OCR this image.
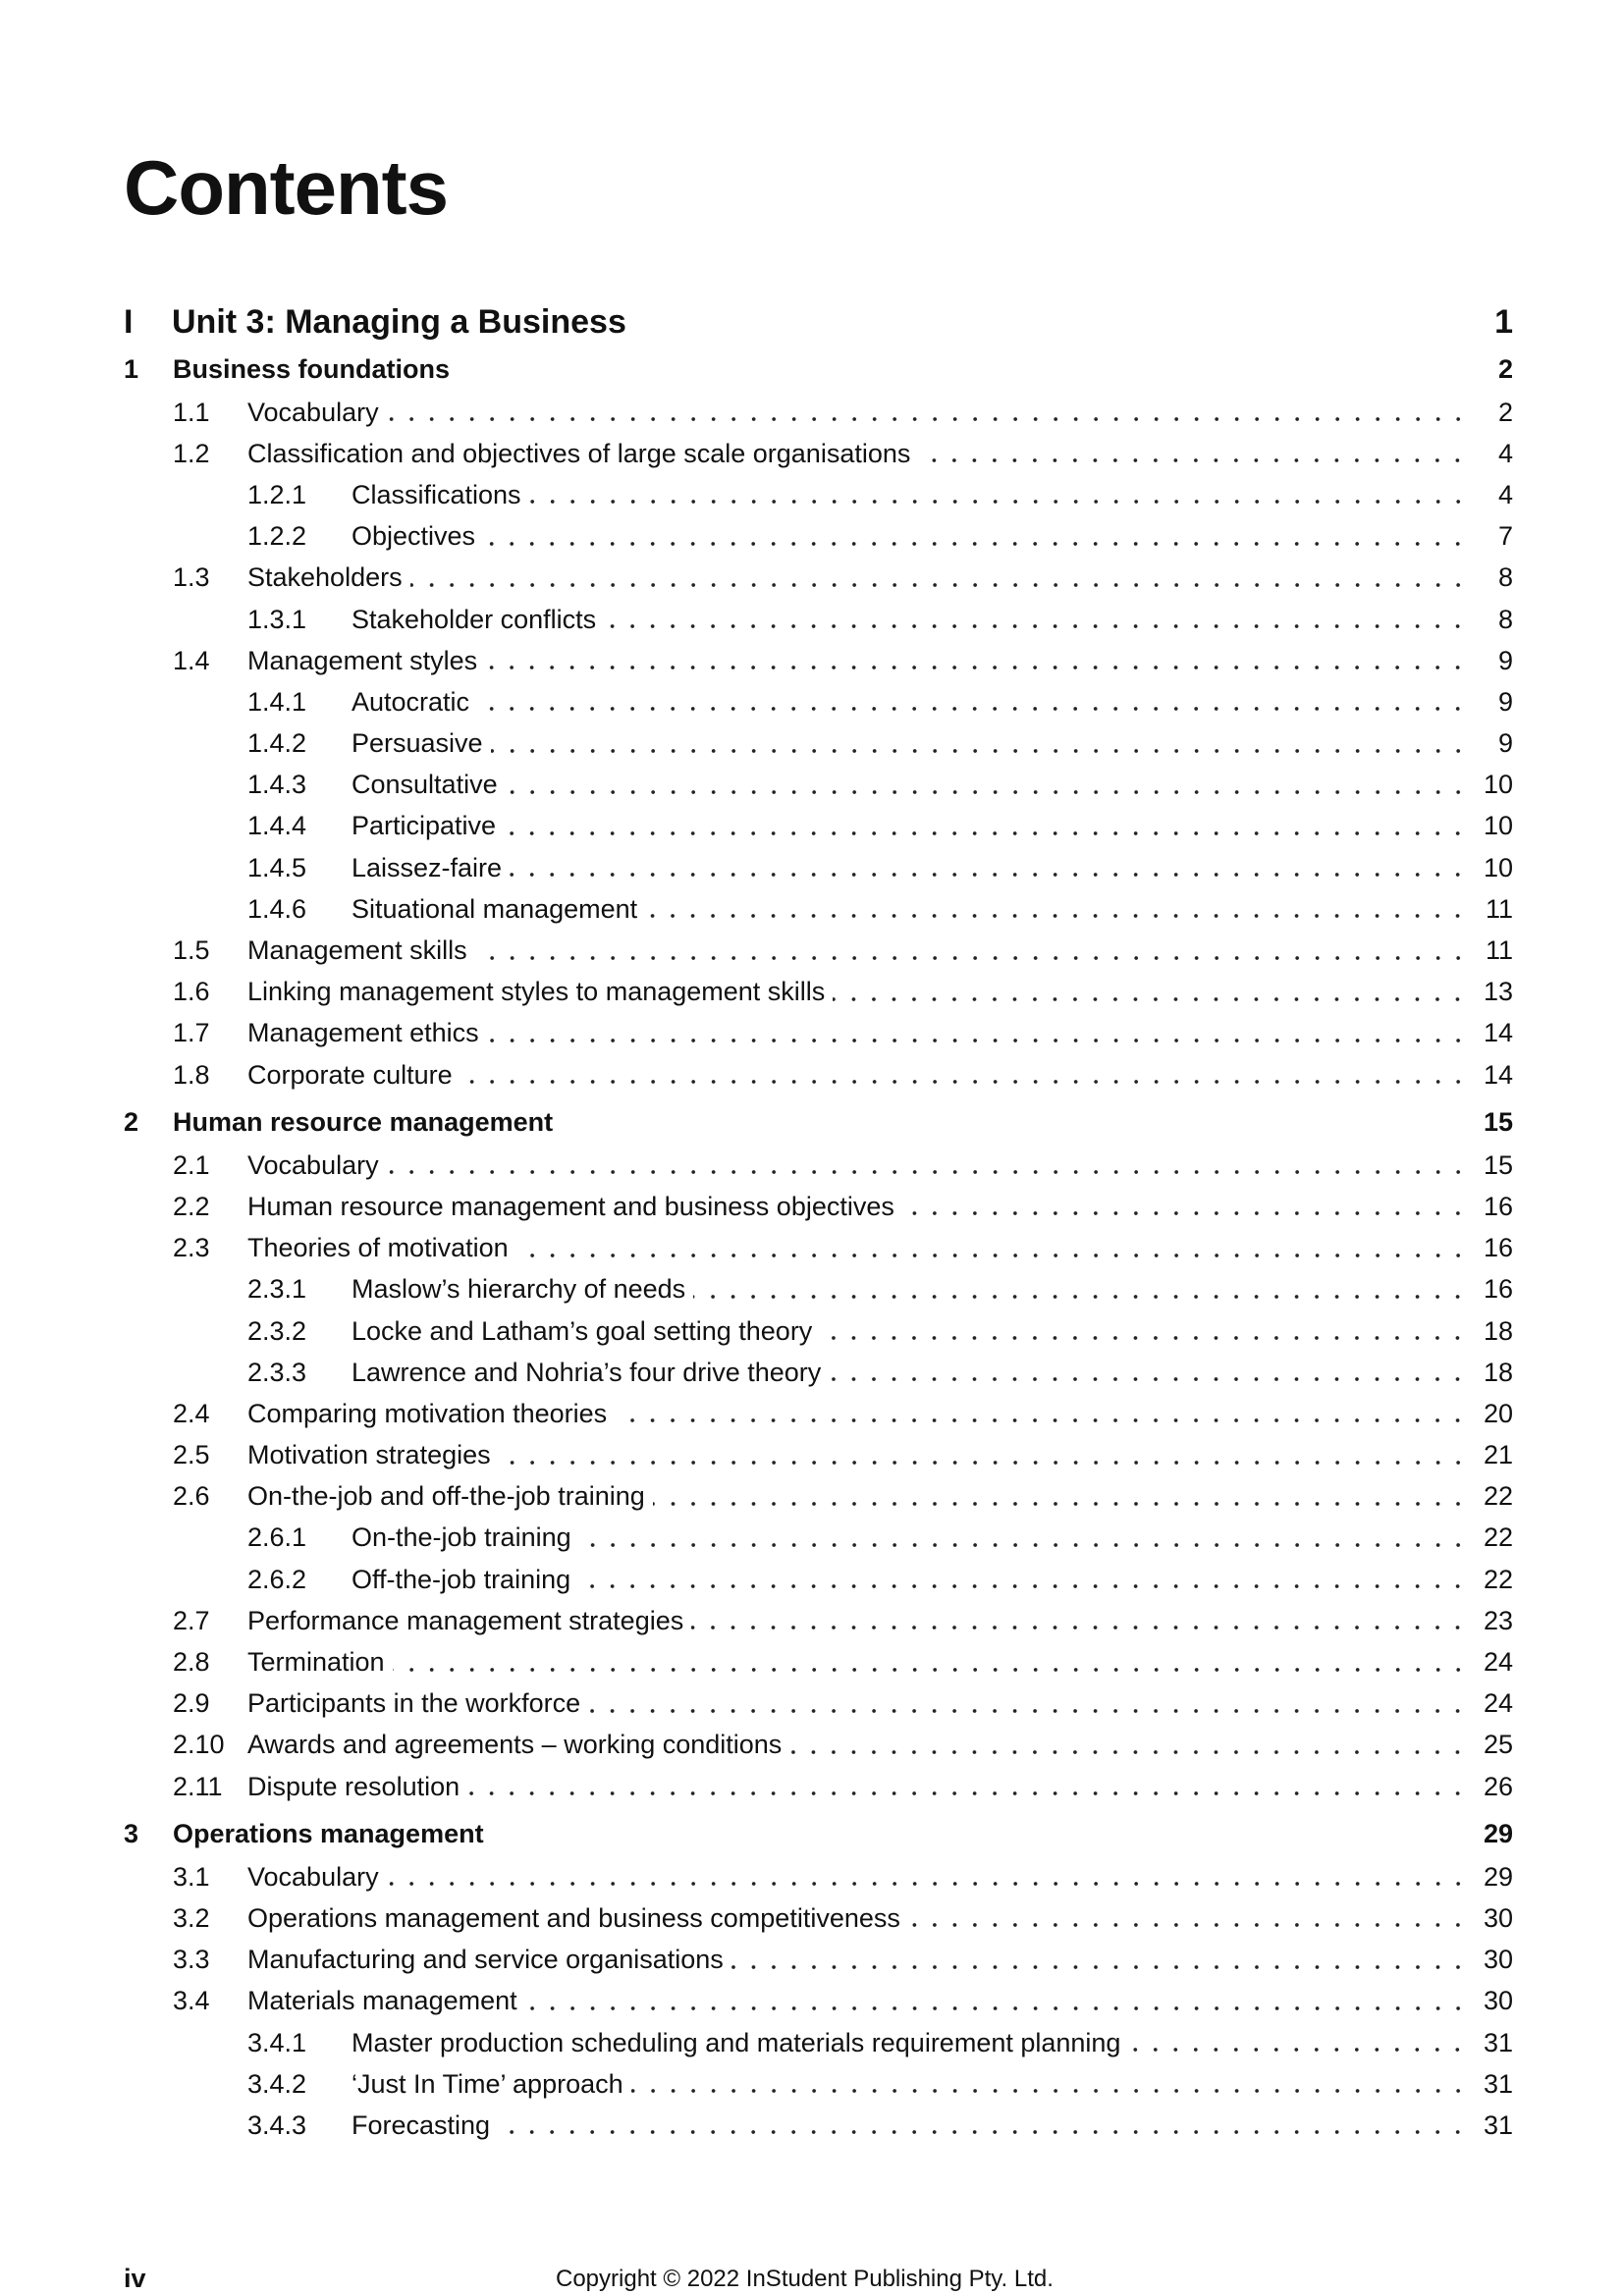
Contents
I	Unit 3: Managing a Business	1
1	Business foundations	2
1.1	Vocabulary	2
1.2	Classification and objectives of large scale organisations	4
1.2.1	Classifications	4
1.2.2	Objectives	7
1.3	Stakeholders	8
1.3.1	Stakeholder conflicts	8
1.4	Management styles	9
1.4.1	Autocratic	9
1.4.2	Persuasive	9
1.4.3	Consultative	10
1.4.4	Participative	10
1.4.5	Laissez-faire	10
1.4.6	Situational management	11
1.5	Management skills	11
1.6	Linking management styles to management skills	13
1.7	Management ethics	14
1.8	Corporate culture	14
2	Human resource management	15
2.1	Vocabulary	15
2.2	Human resource management and business objectives	16
2.3	Theories of motivation	16
2.3.1	Maslow’s hierarchy of needs	16
2.3.2	Locke and Latham’s goal setting theory	18
2.3.3	Lawrence and Nohria’s four drive theory	18
2.4	Comparing motivation theories	20
2.5	Motivation strategies	21
2.6	On-the-job and off-the-job training	22
2.6.1	On-the-job training	22
2.6.2	Off-the-job training	22
2.7	Performance management strategies	23
2.8	Termination	24
2.9	Participants in the workforce	24
2.10 Awards and agreements – working conditions	25
2.11 Dispute resolution	26
3	Operations management	29
3.1	Vocabulary	29
3.2	Operations management and business competitiveness	30
3.3	Manufacturing and service organisations	30
3.4	Materials management	30
3.4.1	Master production scheduling and materials requirement planning	31
3.4.2	‘Just In Time’ approach	31
3.4.3	Forecasting	31
iv	Copyright © 2022 InStudent Publishing Pty. Ltd.
